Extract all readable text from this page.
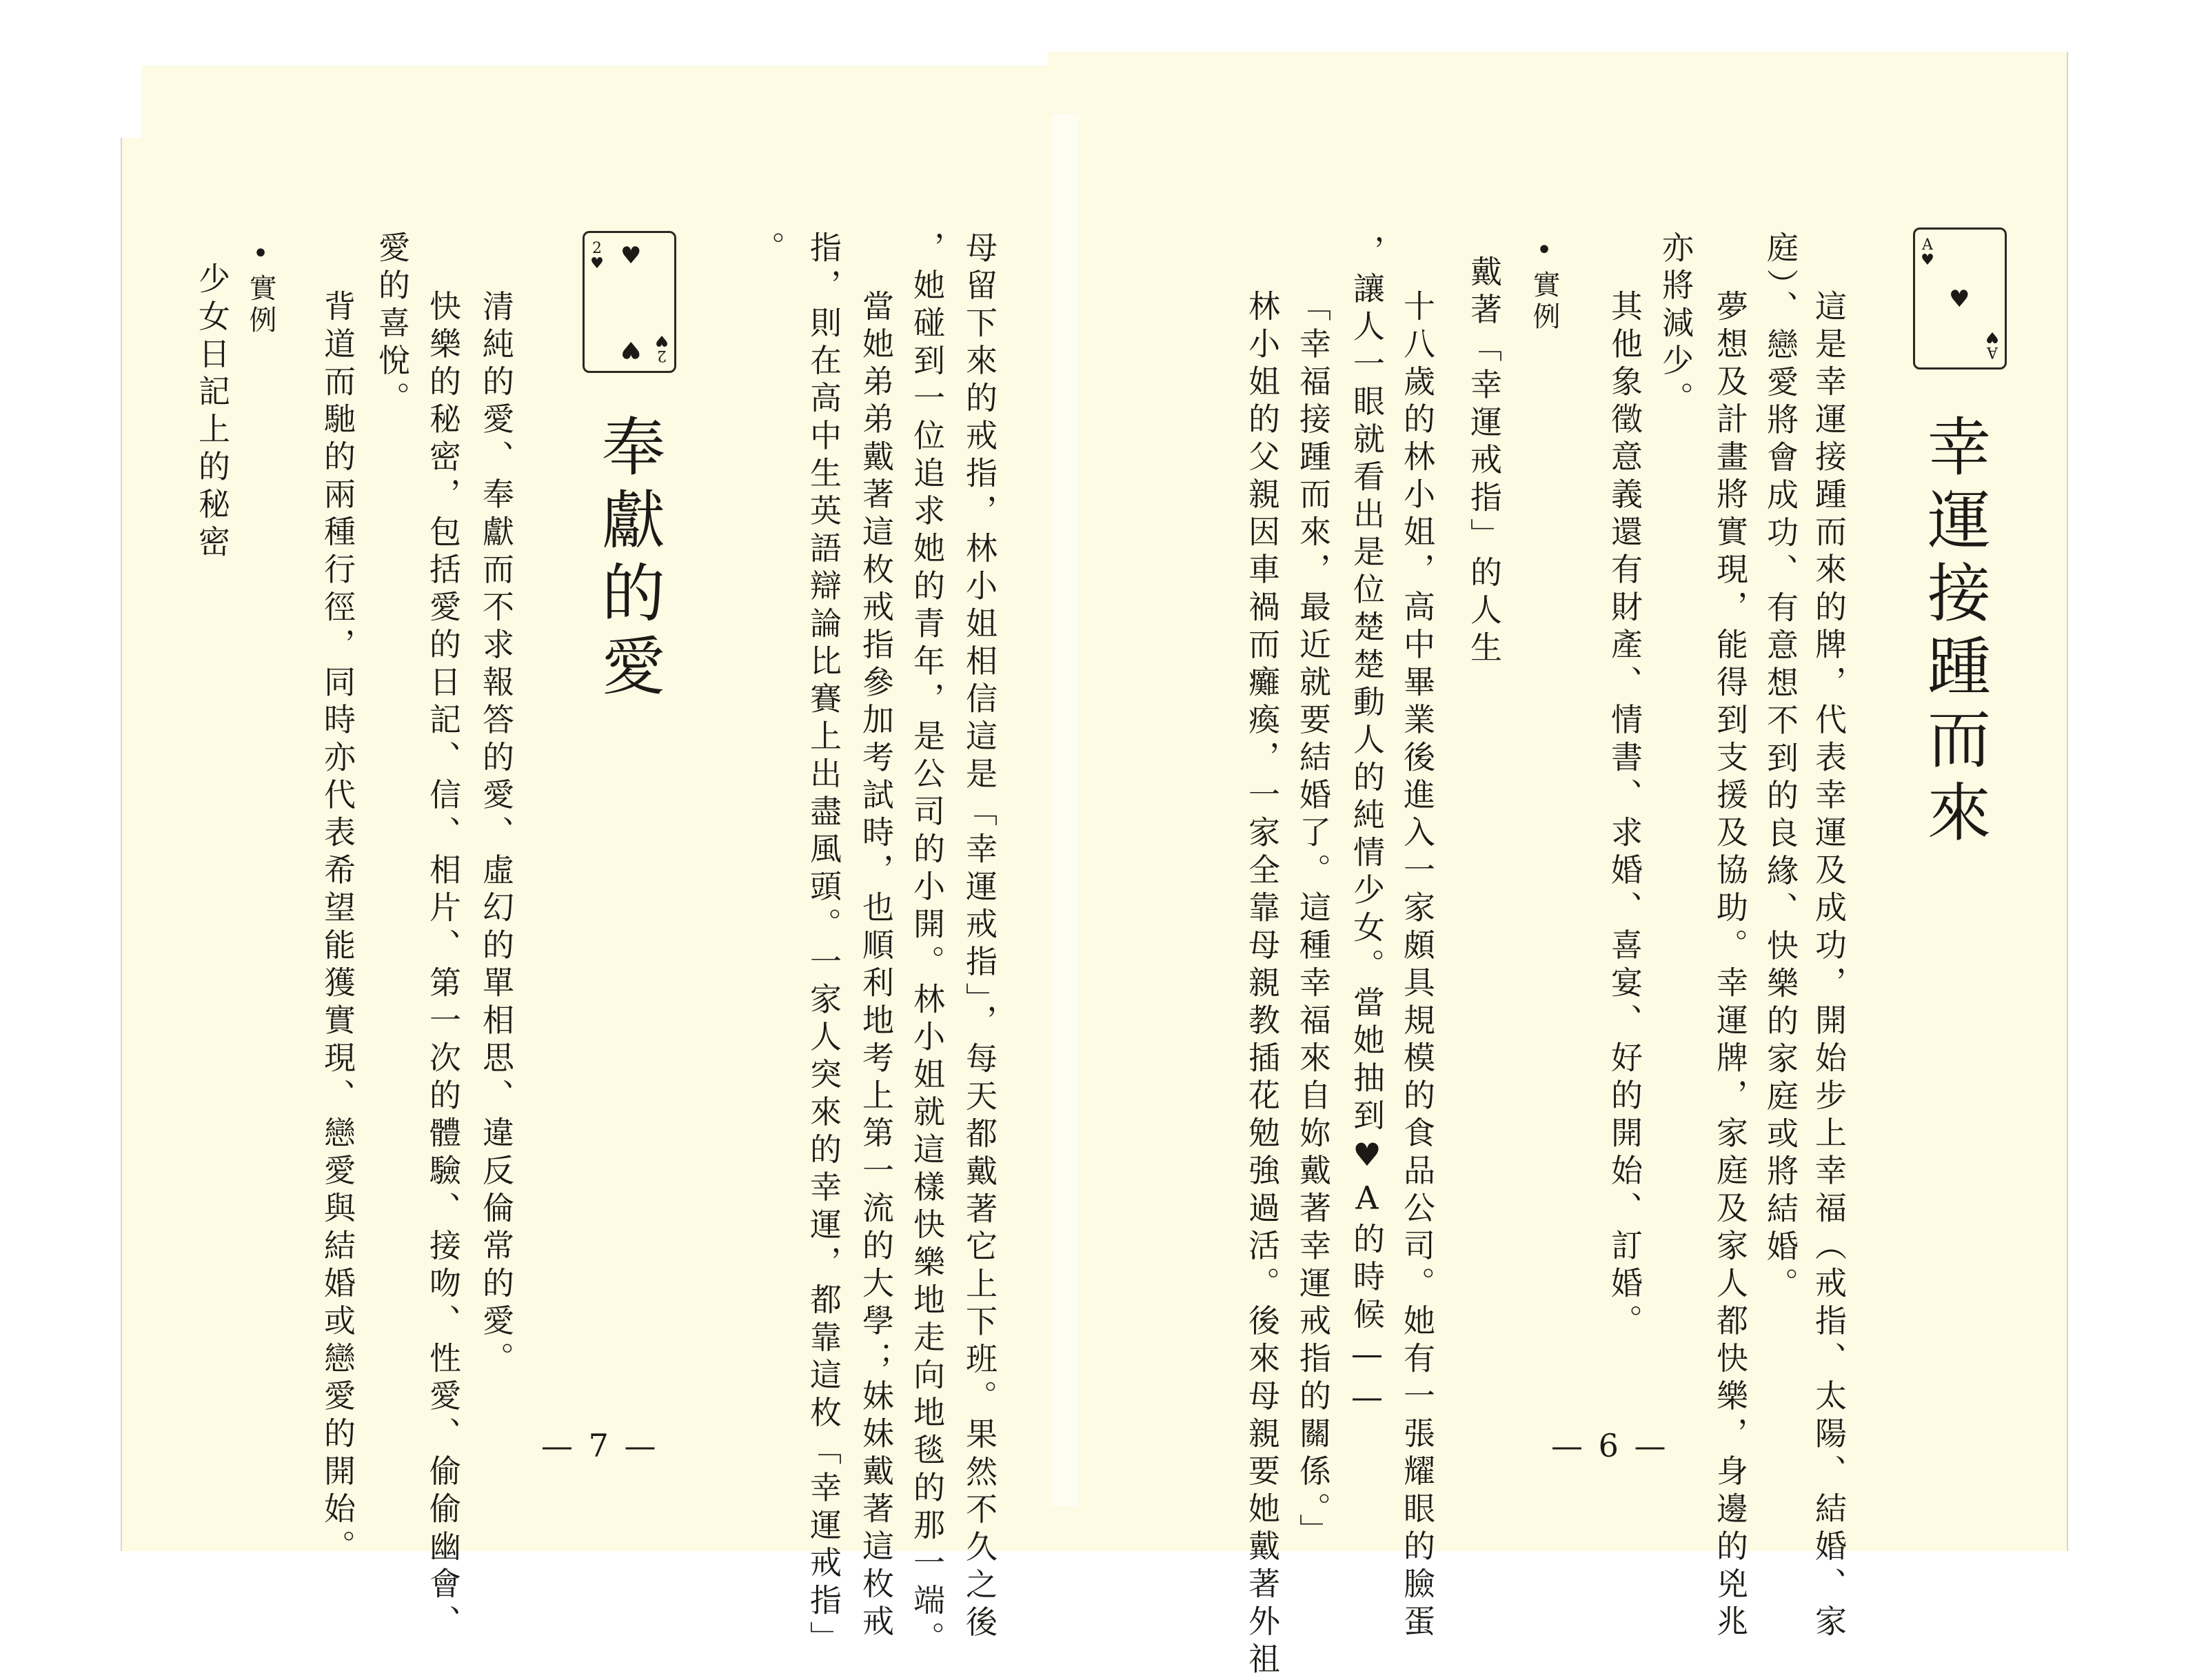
A
♥
♥
A
♥
幸運接踵而來

這是幸運接踵而來的牌，代表幸運及成功，開始步上幸福（戒指、太陽、結婚、家

庭）、戀愛將會成功、有意想不到的良緣、快樂的家庭或將結婚。

夢想及計畫將實現，能得到支援及協助。幸運牌，家庭及家人都快樂，身邊的兇兆

亦將減少。

其他象徵意義還有財產、情書、求婚、喜宴、好的開始、訂婚。

•實例

戴著「幸運戒指」的人生

十八歲的林小姐，高中畢業後進入一家頗具規模的食品公司。她有一張耀眼的臉蛋

，讓人一眼就看出是位楚楚動人的純情少女。當她抽到♥A的時候——

「幸福接踵而來，最近就要結婚了。這種幸福來自妳戴著幸運戒指的關係。」

林小姐的父親因車禍而癱瘓，一家全靠母親教插花勉強過活。後來母親要她戴著外祖	— 6 —

母留下來的戒指，林小姐相信這是「幸運戒指」，每天都戴著它上下班。果然不久之後

，她碰到一位追求她的青年，是公司的小開。林小姐就這樣快樂地走向地毯的那一端。

當她弟弟戴著這枚戒指參加考試時，也順利地考上第一流的大學；妹妹戴著這枚戒

指，則在高中生英語辯論比賽上出盡風頭。一家人突來的幸運，都靠這枚「幸運戒指」

。

2
♥ ♥
♥ 2
♥
奉獻的愛

清純的愛、奉獻而不求報答的愛、虛幻的單相思、違反倫常的愛。

快樂的秘密，包括愛的日記、信、相片、第一次的體驗、接吻、性愛、偷偷幽會、

愛的喜悅。

背道而馳的兩種行徑，同時亦代表希望能獲實現、戀愛與結婚或戀愛的開始。

•實例

少女日記上的秘密

— 7 —
